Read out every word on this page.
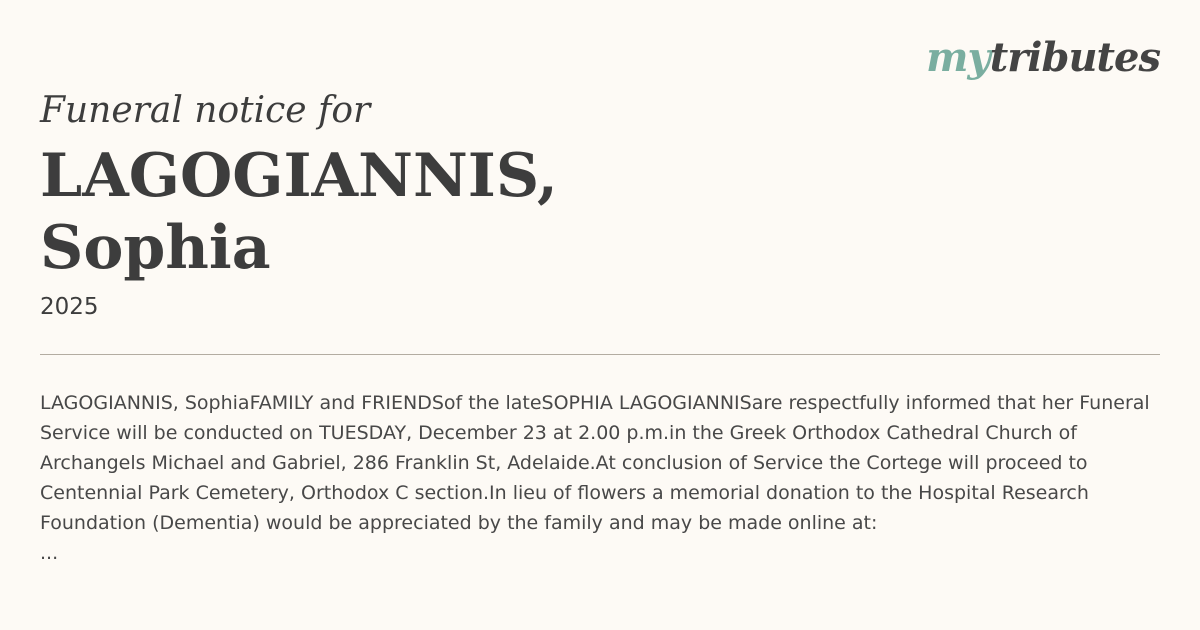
mytributes
Funeral notice for
LAGOGIANNIS,
Sophia
2025

LAGOGIANNIS, SophiaFAMILY and FRIENDSof the lateSOPHIA LAGOGIANNISare respectfully informed that her Funeral Service will be conducted on TUESDAY, December 23 at 2.00 p.m.in the Greek Orthodox Cathedral Church of Archangels Michael and Gabriel, 286 Franklin St, Adelaide.At conclusion of Service the Cortege will proceed to Centennial Park Cemetery, Orthodox C section.In lieu of flowers a memorial donation to the Hospital Research Foundation (Dementia) would be appreciated by the family and may be made online at:

...
